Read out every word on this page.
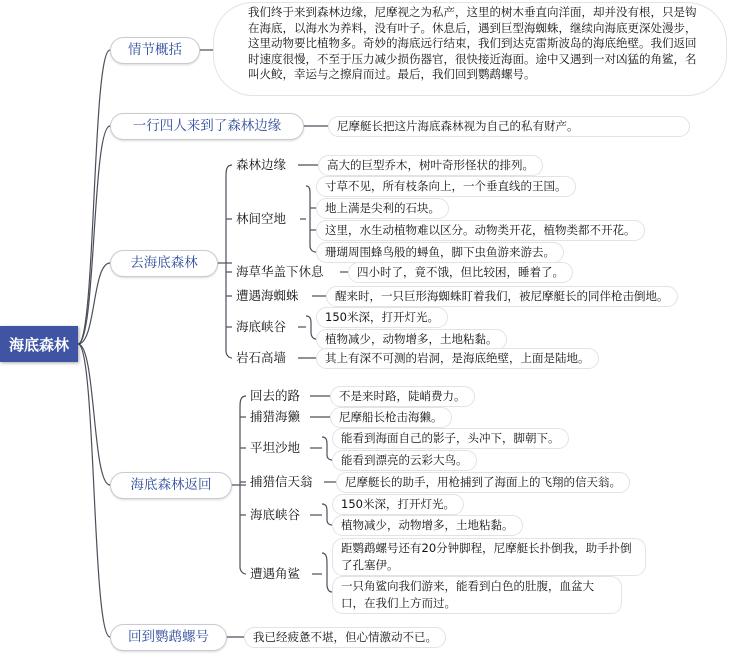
海底森林
情节概括
我们终于来到森林边缘，尼摩视之为私产，这里的树木垂直向洋面，却并没有根，只是钩在海底，以海水为养料，没有叶子。休息后，遇到巨型海蜘蛛，继续向海底更深处漫步，这里动物要比植物多。奇妙的海底远行结束，我们到达克雷斯波岛的海底绝壁。我们返回时速度很慢，不至于压力减少损伤器官，很快接近海面。途中又遇到一对凶猛的角鲨，名叫火鲛，幸运与之擦肩而过。最后，我们回到鹦鹉螺号。
一行四人来到了森林边缘	尼摩艇长把这片海底森林视为自己的私有财产。
去海底森林
森林边缘	高大的巨型乔木，树叶奇形怪状的排列。
林间空地
寸草不见，所有枝条向上，一个垂直线的王国。
地上满是尖利的石块。
这里，水生动植物难以区分。动物类开花，植物类都不开花。
珊瑚周围蜂鸟般的蟳鱼，脚下虫鱼游来游去。
海草华盖下休息	四小时了，竟不饿，但比较困，睡着了。
遭遇海蜘蛛	醒来时，一只巨形海蜘蛛盯着我们，被尼摩艇长的同伴枪击倒地。
海底峡谷
150米深，打开灯光。
植物减少，动物增多，土地粘黏。
岩石高墙	其上有深不可测的岩洞，是海底绝壁，上面是陆地。
海底森林返回
回去的路	不是来时路，陡峭费力。
捕猎海獭	尼摩船长枪击海獭。
平坦沙地
能看到海面自己的影子，头冲下，脚朝下。
能看到漂亮的云彩大鸟。
捕猎信天翁	尼摩艇长的助手，用枪捕到了海面上的飞翔的信天翁。
海底峡谷
150米深，打开灯光。
植物减少，动物增多，土地粘黏。
遭遇角鲨
距鹦鹉螺号还有20分钟脚程，尼摩艇长扑倒我，助手扑倒了孔塞伊。
一只角鲨向我们游来，能看到白色的肚腹，血盆大口，在我们上方而过。
回到鹦鹉螺号	我已经疲惫不堪，但心情激动不已。
